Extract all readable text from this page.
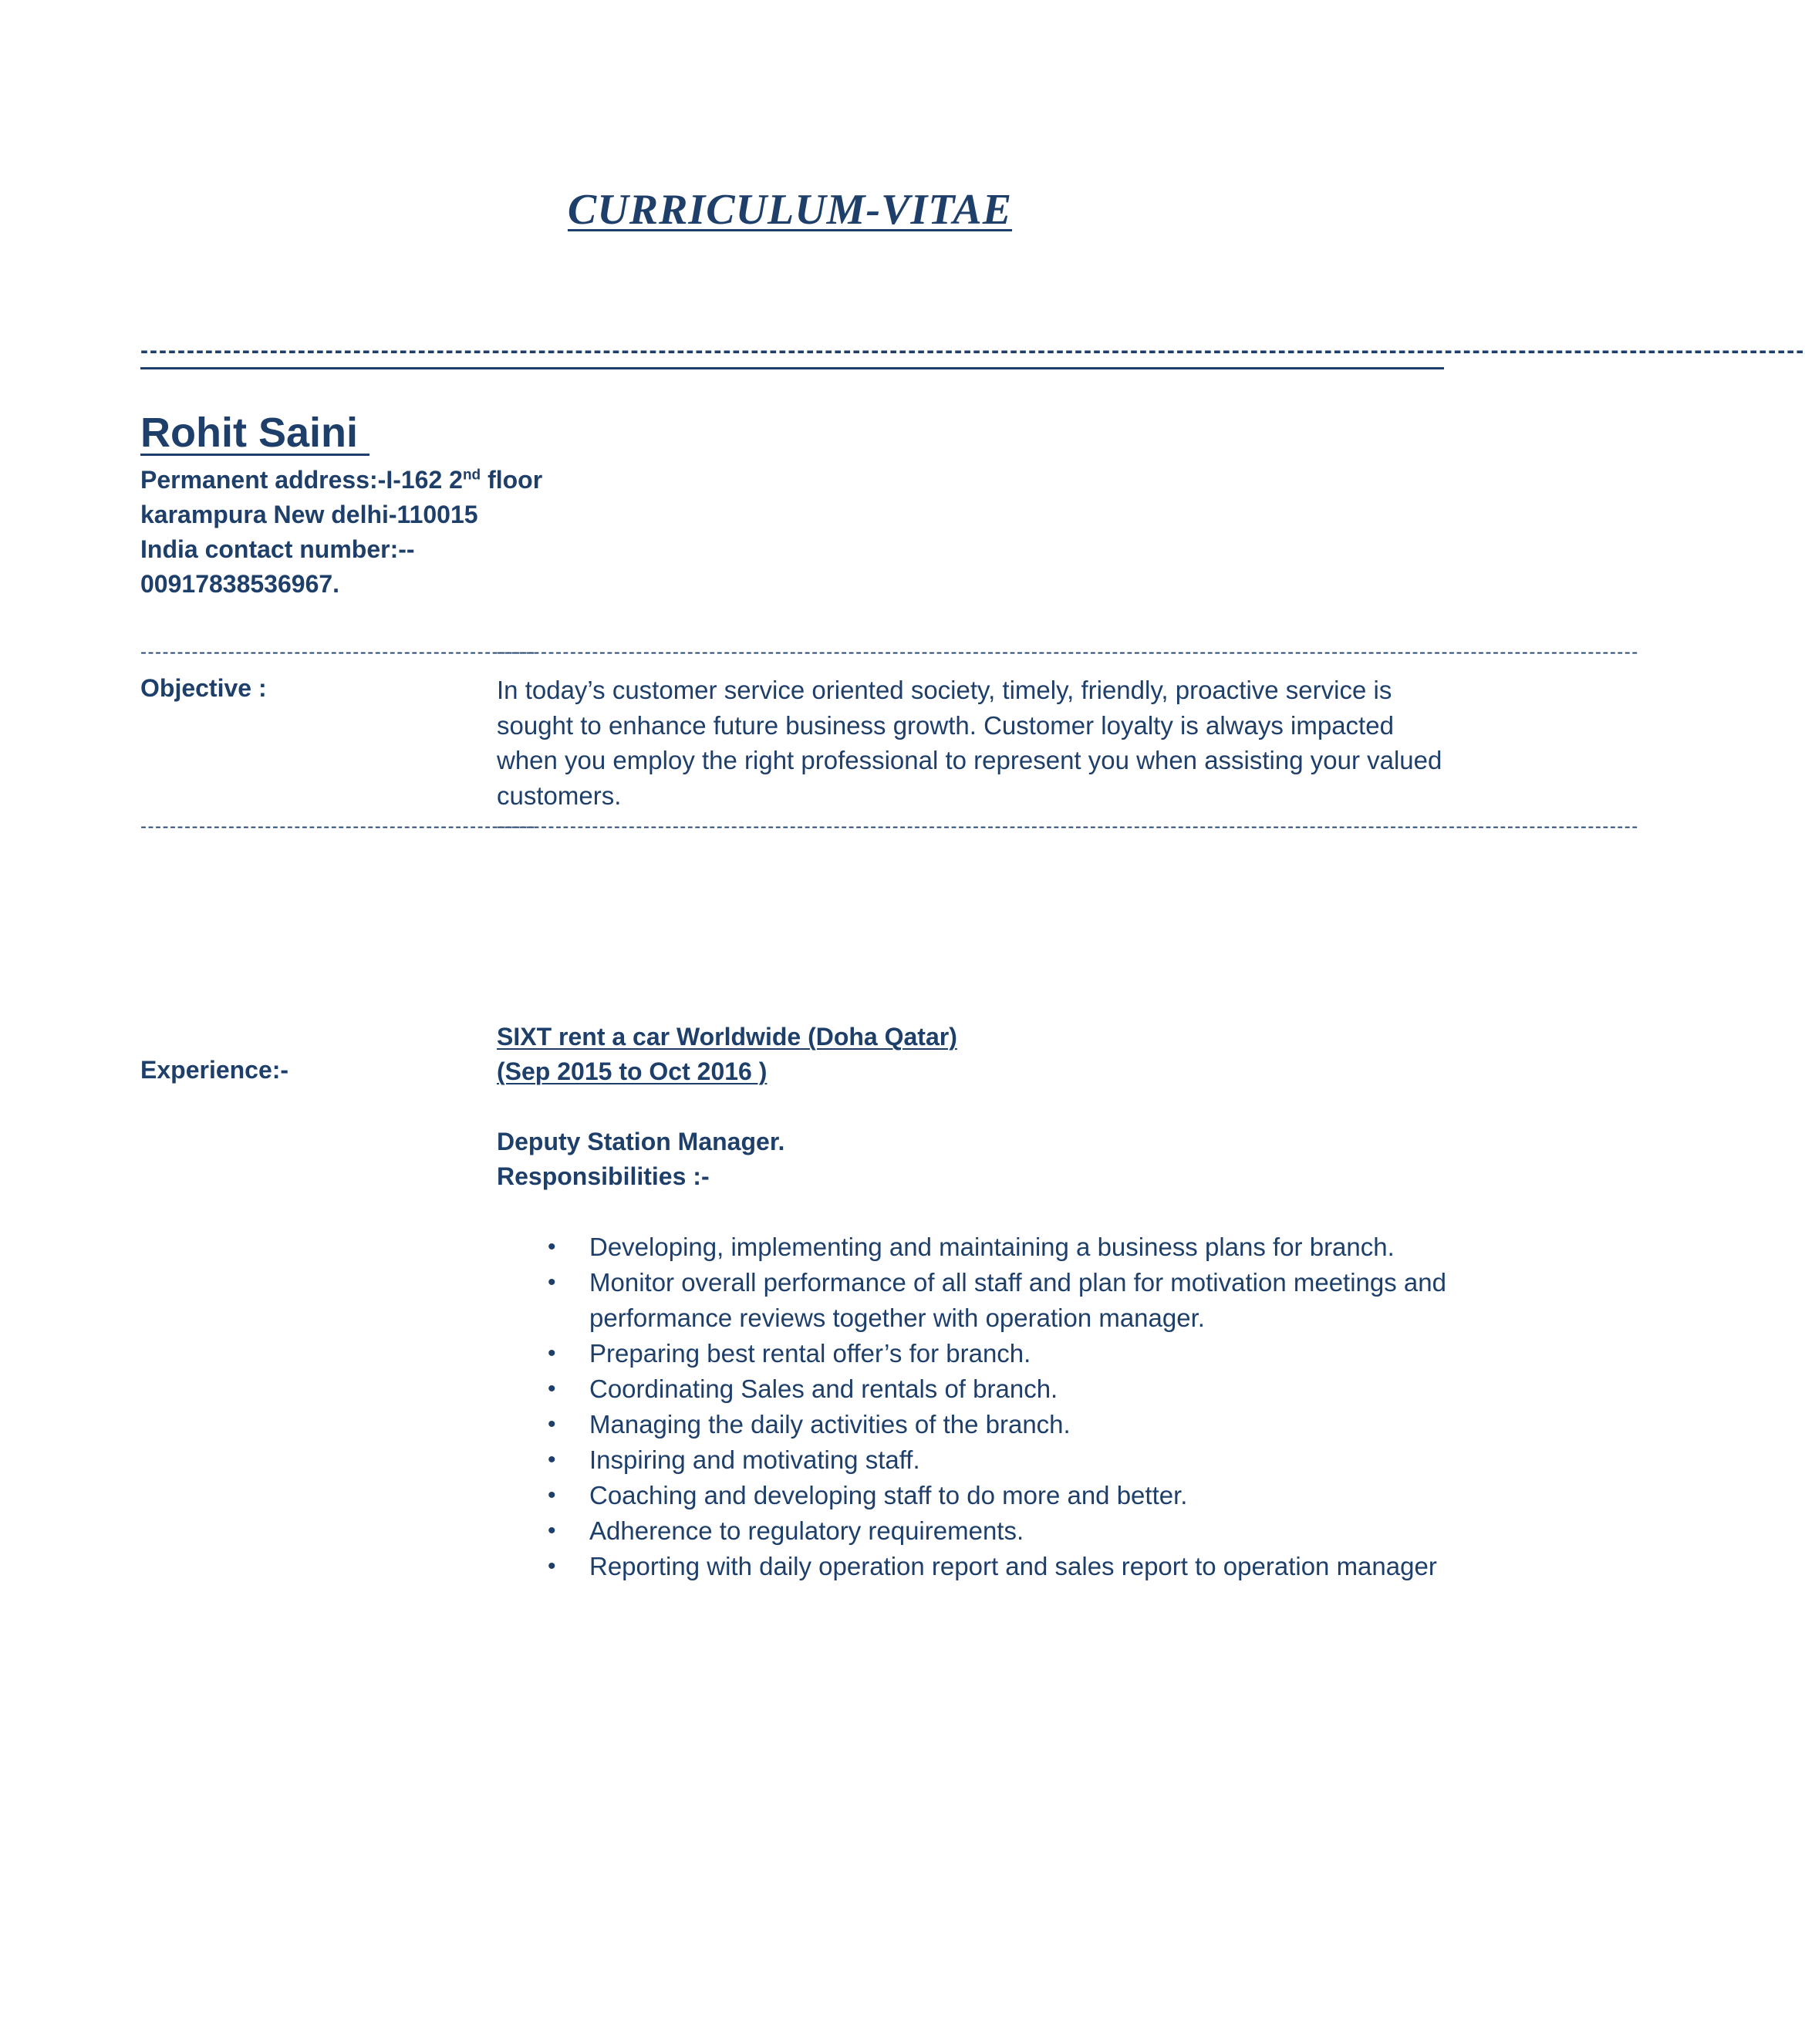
CURRICULUM-VITAE
------------------------------------------------------------------------------------------------------------------------------------------------------------------------------------
Rohit Saini
Permanent address:-I-162 2nd floor
karampura New delhi-110015
India contact number:--
00917838536967.
------------------------------------------------------
------------------------------------------------------------------------------------------------------------------------------------------------------------
Objective :	In today’s customer service oriented society, timely, friendly, proactive service is sought to enhance future business growth. Customer loyalty is always impacted when you employ the right professional to represent you when assisting your valued customers.
------------------------------------------------------
------------------------------------------------------------------------------------------------------------------------------------------------------------
SIXT rent a car Worldwide (Doha Qatar)
(Sep 2015 to Oct 2016 )
Experience:-
Deputy Station Manager.
Responsibilities :-
• Developing, implementing and maintaining a business plans for branch.
• Monitor overall performance of all staff and plan for motivation meetings and performance reviews together with operation manager.
• Preparing best rental offer’s for branch.
• Coordinating Sales and rentals of branch.
• Managing the daily activities of the branch.
• Inspiring and motivating staff.
• Coaching and developing staff to do more and better.
• Adherence to regulatory requirements.
• Reporting with daily operation report and sales report to operation manager
